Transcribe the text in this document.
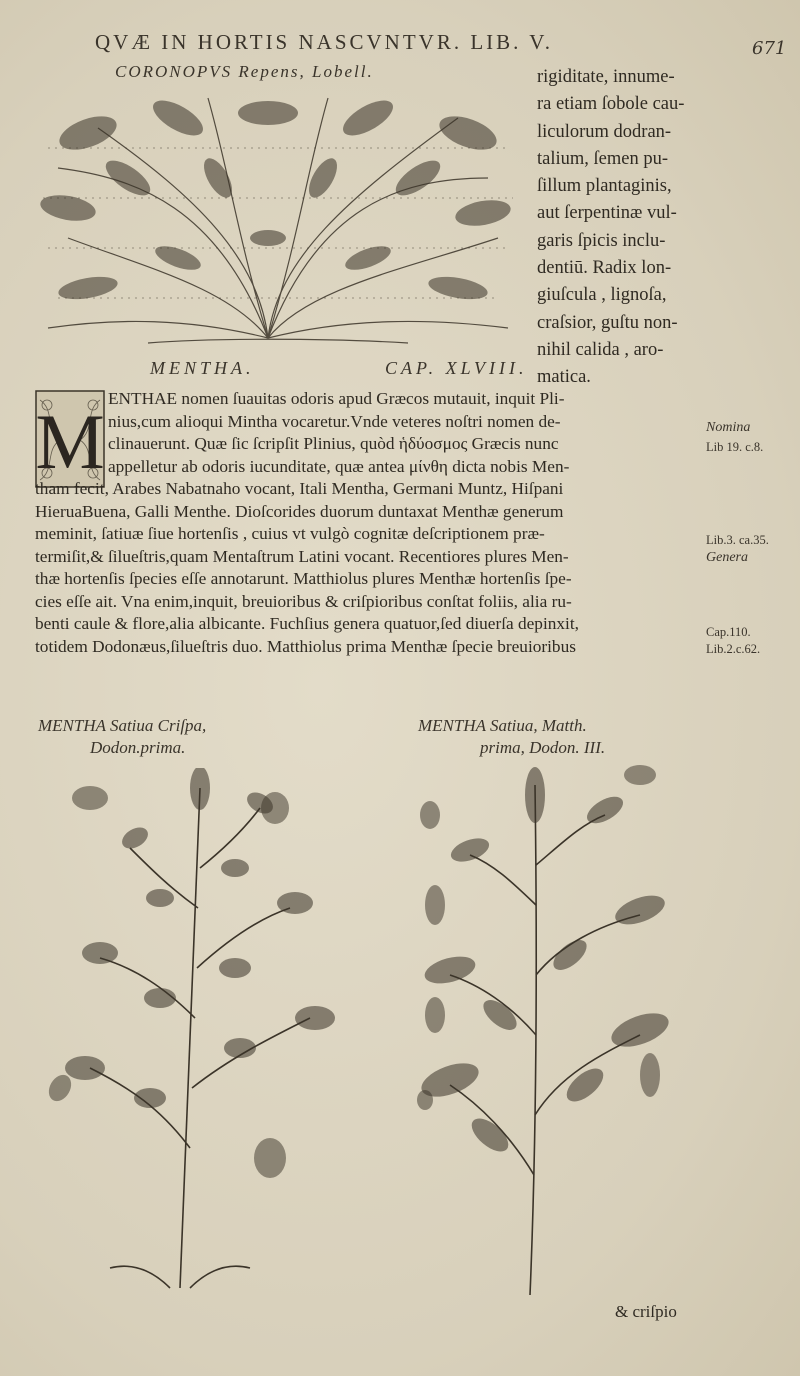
QVÆ IN HORTIS NASCVNTVR. LIB. V.	671
CORONOPVS Repens, Lobell.	rigiditate, innume-
ra etiam ſobole cau-
liculorum dodran-
talium, ſemen pu-
ſillum plantaginis,
aut ſerpentinæ vul-
garis ſpicis inclu-
dentiū. Radix lon-
giuſcula , lignoſa,
craſsior, guſtu non-
nihil calida , aro-
matica.
MENTHA.	CAP. XLVIII.
M ENTHAE nomen ſuauitas odoris apud Græcos mutauit, inquit Pli-
nius,cum alioqui Mintha vocaretur.Vnde veteres noſtri nomen de-
clinauerunt. Quæ ſic ſcripſit Plinius, quòd ἡδύοσμος Græcis nunc
appelletur ab odoris iucunditate, quæ antea μίνθη dicta nobis Men-
tham fecit, Arabes Nabatnaho vocant, Itali Mentha, Germani Muntz, Hiſpani
HieruaBuena, Galli Menthe. Dioſcorides duorum duntaxat Menthæ generum
meminit, ſatiuæ ſiue hortenſis , cuius vt vulgò cognitæ deſcriptionem præ-
termiſit,& ſilueſtris,quam Mentaſtrum Latini vocant. Recentiores plures Men-
thæ hortenſis ſpecies eſſe annotarunt. Matthiolus plures Menthæ hortenſis ſpe-
cies eſſe ait. Vna enim,inquit, breuioribus & criſpioribus conſtat foliis, alia ru-
benti caule & flore,alia albicante. Fuchſius genera quatuor,ſed diuerſa depinxit,
totidem Dodonæus,ſilueſtris duo. Matthiolus prima Menthæ ſpecie breuioribus
Nomina
Lib 19. c.8.
Lib.3. ca.35.
Genera
Cap.110.
Lib.2.c.62.
MENTHA Satiua Criſpa,
Dodon.prima.
MENTHA Satiua, Matth.
prima, Dodon. III.
& criſpio
